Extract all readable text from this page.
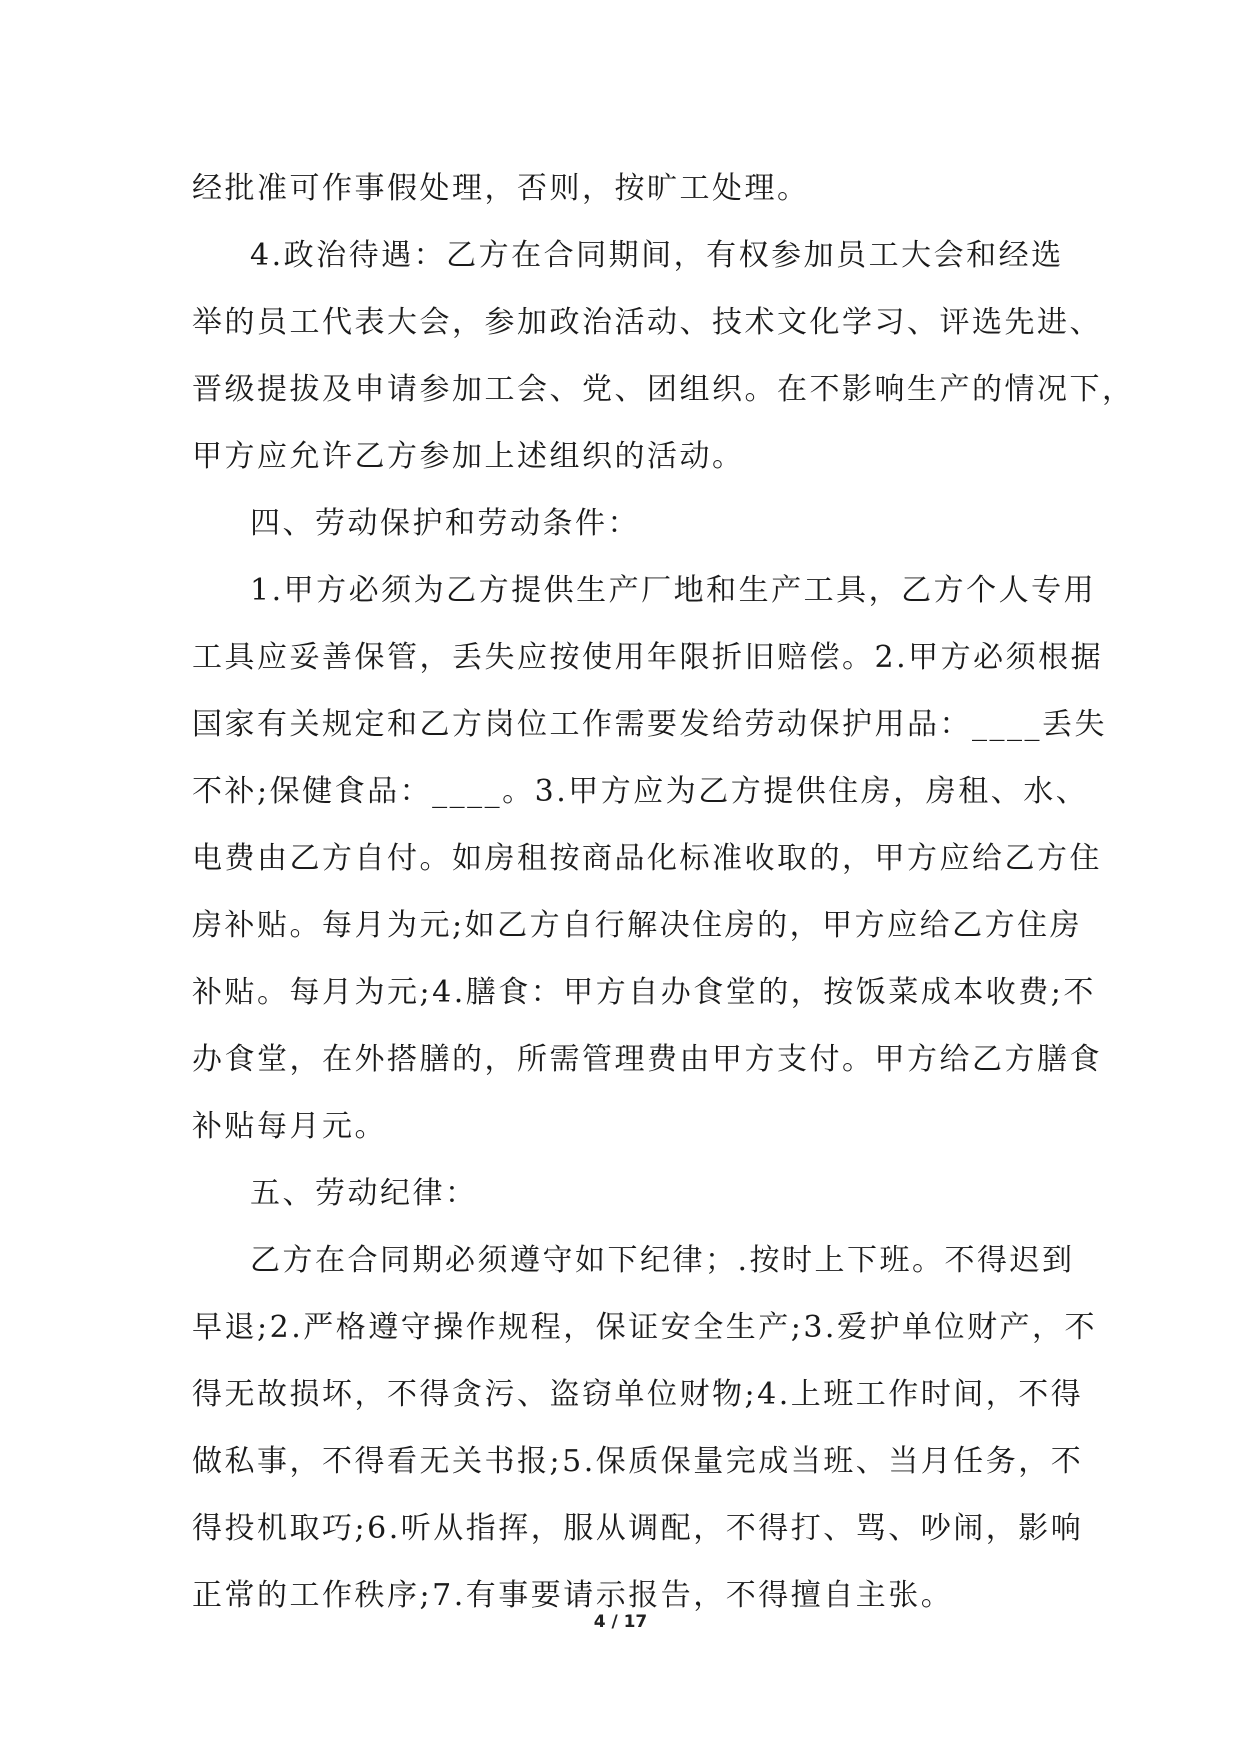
经批准可作事假处理，否则，按旷工处理。
4.政治待遇：乙方在合同期间，有权参加员工大会和经选
举的员工代表大会，参加政治活动、技术文化学习、评选先进、
晋级提拔及申请参加工会、党、团组织。在不影响生产的情况下，
甲方应允许乙方参加上述组织的活动。
四、劳动保护和劳动条件：
1.甲方必须为乙方提供生产厂地和生产工具，乙方个人专用
工具应妥善保管，丢失应按使用年限折旧赔偿。2.甲方必须根据
国家有关规定和乙方岗位工作需要发给劳动保护用品：____丢失
不补;保健食品：____。3.甲方应为乙方提供住房，房租、水、
电费由乙方自付。如房租按商品化标准收取的，甲方应给乙方住
房补贴。每月为元;如乙方自行解决住房的，甲方应给乙方住房
补贴。每月为元;4.膳食：甲方自办食堂的，按饭菜成本收费;不
办食堂，在外搭膳的，所需管理费由甲方支付。甲方给乙方膳食
补贴每月元。
五、劳动纪律：
乙方在合同期必须遵守如下纪律；.按时上下班。不得迟到
早退;2.严格遵守操作规程，保证安全生产;3.爱护单位财产，不
得无故损坏，不得贪污、盗窃单位财物;4.上班工作时间，不得
做私事，不得看无关书报;5.保质保量完成当班、当月任务，不
得投机取巧;6.听从指挥，服从调配，不得打、骂、吵闹，影响
正常的工作秩序;7.有事要请示报告，不得擅自主张。
4 / 17
